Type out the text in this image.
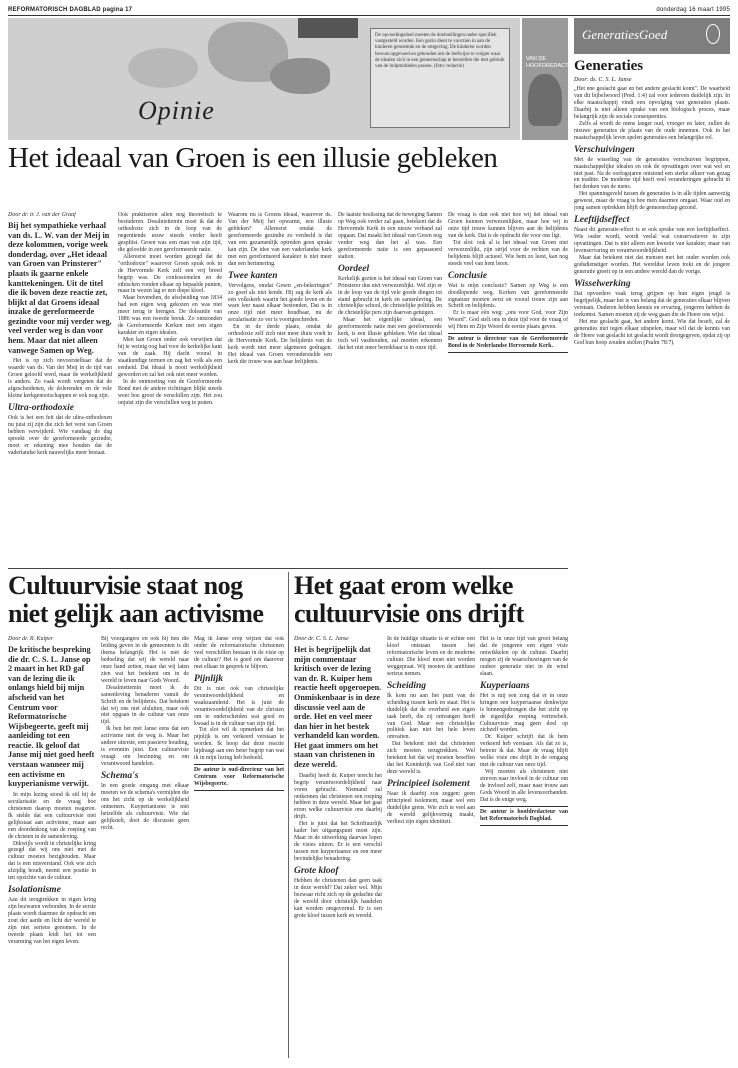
REFORMATORISCH DAGBLAD pagina 17	donderdag 16 maart 1995
Opinie
De opvoedingsdoel moeten de doelstellingen nader specifiek vastgesteld worden. Een gezin dient te voorzien in aan de kinderen genoemde en de omgeving. De kinderen worden bewust opgevoed en gehouden om de leefwijze te volgen waar de idealen zich in een gemeenschap te herstellen die met gebruik van de hulpmiddelen passen. (foto: redactie)
VAN DE HOOFDREDACTIE
Het ideaal van Groen is een illusie gebleken
Door dr. ir. J. van der Graaf

Bij het sympathieke verhaal van ds. L. W. van der Meij in deze kolommen, vorige week donderdag, over „Het ideaal van Groen van Prinsterer" plaats ik gaarne enkele kanttekeningen. Uit de titel die ik boven deze reactie zet, blijkt al dat Groens ideaal inzake de gereformeerde gezindte voor mij verder weg, veel verder weg is dan voor hem. Maar dat niet alleen vanwege Samen op Weg.

Het is op zich onvoorstelbaar dat de waarde van ds. Van der Meij in de tijd van Groen geloofd werd, maar de werkelijkheid is anders. Zo vaak wordt vergeten dat de afgescheidenen, de dolerenden en de vele kleine kerkgenootschappen er ook nog zijn.

Ultra-orthodoxie

Ook is het een feit dat de ultra-orthodoxen nu juist zij zijn die zich het verst van Groen hebben verwijderd. Wie vandaag de dag spreekt over de gereformeerde gezindte, moet er rekening mee houden dat de vaderlandse kerk nauwelijks meer bestaat.

Ook praktiseren allen nog theoretisch te bestuderen. Desalniettemin moet ik dat de orthodoxie zich in de loop van de negentiende eeuw steeds verder heeft gesplitst. Groen was een man van zijn tijd, die geloofde in een gereformeerde natie.

Allereerst moet worden gezegd dat de "orthodoxie" waarover Groen sprak ook in de Hervormde Kerk zelf een vrij breed begrip was. De confessionelen en de ethischen vonden elkaar op bepaalde punten, maar in wezen lag er een diepe kloof.

Maar bovendien, de afscheiding van 1834 had een eigen weg gekozen en was niet meer terug te brengen. De doleantie van 1886 was een tweede breuk. Zo ontstonden de Gereformeerde Kerken met een eigen karakter en eigen idealen.

Men kan Groen onder ook verwijten dat hij te weinig oog had voor de kerkelijke kant van de zaak. Hij dacht vooral in staatkundige termen en zag het volk als een eenheid. Dat ideaal is nooit werkelijkheid geworden en zal het ook niet meer worden.

In de ontmoeting van de Gereformeerde Bond met de andere richtingen blijkt steeds weer hoe groot de verschillen zijn. Het zou onjuist zijn die verschillen weg te praten.

Waarom nu is Groens ideaal, waarover ds. Van der Meij het opwarmt, een illusie gebleken? Allereerst omdat de gereformeerde gezindte zo verdeeld is dat van een gezamenlijk optreden geen sprake kan zijn. De idee van een vaderlandse kerk met een gereformeerd karakter is niet meer dan een herinnering.

Twee kanten

Vervolgens, omdat Groen „en-bekeringen" zo goed als niet kende. Hij zag de kerk als een volkskerk waarin het goede leven en de ware leer naast elkaar bestonden. Dat is in onze tijd niet meer houdbaar, nu de secularisatie zo ver is voortgeschreden.

En in de derde plaats, omdat de orthodoxie zelf zich niet meer thuis voelt in de Hervormde Kerk. De belijdenis van de kerk wordt niet meer algemeen gedragen. Het ideaal van Groen veronderstelde een kerk die trouw was aan haar belijdenis.

De laatste beslissing dat de beweging Samen op Weg ook verder zal gaan, betekent dat de Hervormde Kerk in een nieuw verband zal opgaan. Dat maakt het ideaal van Groen nog verder weg dan het al was. Een gereformeerde natie is een gepasseerd station.

Oordeel

Kerkelijk gezien is het ideaal van Groen van Prinsterer dus niet verwezenlijkt. Wel zijn er in de loop van de tijd vele goede dingen tot stand gebracht in kerk en samenleving. De christelijke school, de christelijke politiek en de christelijke pers zijn daarvan getuigen.

Maar het eigenlijke ideaal, een gereformeerde natie met een gereformeerde kerk, is een illusie gebleken. Wie dat ideaal toch wil vasthouden, zal moeten erkennen dat het niet meer bereikbaar is in onze tijd.

De vraag is dan ook niet hoe wij het ideaal van Groen kunnen verwezenlijken, maar hoe wij in onze tijd trouw kunnen blijven aan de belijdenis van de kerk. Dat is de opdracht die voor ons ligt.

Tot slot: ook al is het ideaal van Groen niet verwezenlijkt, zijn strijd voor de rechten van de belijdenis blijft actueel. Wie hem zo leest, kan nog steeds veel van hem leren.

Conclusie

Wat is mijn conclusie? Samen op Weg is een doodlopende weg. Kerken van gereformeerde signatuur moeten eerst en vooral trouw zijn aan Schrift en belijdenis.

Er is maar één weg: „ons voor God, voor Zijn Woord". God stelt ons in deze tijd voor de vraag of wij Hem en Zijn Woord de eerste plaats geven.

De auteur is directeur van de Gereformeerde Bond in de Nederlandse Hervormde Kerk.
Cultuurvisie staat nog niet gelijk aan activisme
Door dr. R. Kuiper

De kritische bespreking die dr. C. S. L. Janse op 2 maart in het RD gaf van de lezing die ik onlangs hield bij mijn afscheid van het Centrum voor Reformatorische Wijsbegeerte, geeft mij aanleiding tot een reactie. Ik geloof dat Janse mij niet goed heeft verstaan wanneer mij een activisme en kuyperianisme verwijt.

In mijn lezing stond ik stil bij de secularisatie en de vraag hoe christenen daarop moeten reageren. Ik stelde dat een cultuurvisie niet gelijkstaat aan activisme, maar aan een doordenking van de roeping van de christen in de samenleving.

Dikwijls wordt in christelijke kring gezegd dat wij ons niet met de cultuur moeten bezighouden. Maar dat is een misverstand. Ook wie zich afzijdig houdt, neemt een positie in ten opzichte van de cultuur.

Isolationisme

Aan dit terugtrekken in eigen kring zijn bezwaren verbonden. In de eerste plaats wordt daarmee de opdracht om zout der aarde en licht der wereld te zijn niet serieus genomen. In de tweede plaats leidt het tot een verarming van het eigen leven.

Bij voorgangers en ook bij hen die leiding geven in de gemeenten is dit thema belangrijk. Het is niet de bedoeling dat wij de wereld naar onze hand zetten, maar dat wij laten zien wat het betekent om in de wereld te leven naar Gods Woord.

Desalniettemin moet ik de samenleving benaderen vanuit de Schrift en de belijdenis. Dat betekent dat wij ons niet afsluiten, maar ook niet opgaan in de cultuur van onze tijd.

Ik ben het met Janse eens dat een activisme niet de weg is. Maar het andere uiterste, een passieve houding, is evenmin juist. Een cultuurvisie vraagt om bezinning en om verantwoord handelen.

Schema's

In een goede omgang met elkaar moeten we de schema's vermijden die ons het zicht op de werkelijkheid ontnemen. Kuyperianisme is niet hetzelfde als cultuurvisie. Wie dat gelijkstelt, doet de discussie geen recht.

Mag ik Janse erop wijzen dat ook onder de reformatorische christenen veel verschillen bestaan in de visie op de cultuur? Het is goed om daarover met elkaar in gesprek te blijven.

Pijnlijk

Dit is niet ook van christelijke verantwoordelijkheid en waakzaamheid. Het is juist de verantwoordelijkheid van de christen om te onderscheiden wat goed en kwaad is in de cultuur van zijn tijd.

Tot slot wil ik opmerken dat het pijnlijk is om verkeerd verstaan te worden. Ik hoop dat deze reactie bijdraagt aan een beter begrip van wat ik in mijn lezing heb bedoeld.

De auteur is oud-directeur van het Centrum voor Reformatorische Wijsbegeerte.
Het gaat erom welke cultuurvisie ons drijft
Door dr. C. S. L. Janse

Het is begrijpelijk dat mijn commentaar kritisch over de lezing van dr. R. Kuiper hem reactie heeft opgeroepen. Onmiskenbaar is in deze discussie veel aan de orde. Het en veel meer dan hier in het bestek verhandeld kan worden. Het gaat immers om het staan van christenen in deze wereld.

Daarbij heeft dr. Kuiper terecht het begrip verantwoordelijkheid naar voren gebracht. Niemand zal ontkennen dat christenen een roeping hebben in deze wereld. Maar het gaat erom welke cultuurvisie ons daarbij drijft.

Het is juist dat het Schriftuurlijk kader het uitgangspunt moet zijn. Maar in de uitwerking daarvan lopen de visies uiteen. Er is een verschil tussen een kuyperiaanse en een meer bevindelijke benadering.

Grote kloof

Hebben de christenen dan geen taak in deze wereld? Dat zeker wel. Mijn bezwaar richt zich op de gedachte dat de wereld door christelijk handelen kan worden omgevormd. Er is een grote kloof tussen kerk en wereld.

In de huidige situatie is er echter een kloof ontstaan tussen het reformatorische leven en de moderne cultuur. Die kloof moet niet worden weggepraat. Wij moeten de antithese serieus nemen.

Scheiding

Ik kom nu aan het punt van de scheiding tussen kerk en staat. Het is duidelijk dat de overheid een eigen taak heeft, die zij ontvangen heeft van God. Maar een christelijke politiek kan niet het hele leven omvatten.

Dat betekent niet dat christenen zich moeten terugtrekken. Wel betekent het dat wij moeten beseffen dat het Koninkrijk van God niet van deze wereld is.

Principieel isolement

Naar ik daarbij zou zeggen: geen principieel isolement, maar wel een duidelijke grens. Wie zich te veel aan de wereld gelijkvormig maakt, verliest zijn eigen identiteit.

Het is in onze tijd van groot belang dat de jongeren een eigen visie ontwikkelen op de cultuur. Daarbij mogen zij de waarschuwingen van de oudere generatie niet in de wind slaan.

Kuyperiaans

Het is mij een zorg dat er in onze kringen een kuyperiaanse denkwijze is binnengedrongen die het zicht op de eigenlijke roeping vertroebelt. Cultuurvisie mag geen doel op zichzelf worden.

Dr. Kuiper schrijft dat ik hem verkeerd heb verstaan. Als dat zo is, betreur ik dat. Maar de vraag blijft welke visie ons drijft in de omgang met de cultuur van onze tijd.

Wij moeten als christenen niet streven naar invloed in de cultuur om de invloed zelf, maar naar trouw aan Gods Woord in alle levensverbanden. Dat is de enige weg.

De auteur is hoofdredacteur van het Reformatorisch Dagblad.
GeneratiesGoed
Generaties
Door: ds. C. S. L. Janse

„Het ene geslacht gaat en het andere geslacht komt". De waarheid van dit bijbelwoord (Pred. 1:4) zal voor iedereen duidelijk zijn. In elke maatschappij vindt een opvolging van generaties plaats. Daarbij is niet alleen sprake van een biologisch proces, maar belangrijk zijn de sociale consequenties.

Zelfs al wordt de mens langer oud, vroeger en later, zullen de nieuwe generaties de plaats van de oude innemen. Ook in het maatschappelijk leven spelen generaties een belangrijke rol.

Verschuivingen

Met de wisseling van de generaties verschuiven begrippen, maatschappelijke idealen en ook de opvattingen over wat wel en niet past. Na de oorlogsjaren ontstond een sterke afkeer van gezag en traditie. De moderne tijd heeft veel veranderingen gebracht in het denken van de mens.

Het spanningsveld tussen de generaties is in alle tijden aanwezig geweest, maar de vraag is hoe men daarmee omgaat. Waar oud en jong samen optrekken blijft de gemeenschap gezond.

Leeftijdseffect

Naast dit generatie-effect is er ook sprake van een leeftijdseffect. Wie ouder wordt, wordt veelal wat conservatiever in zijn opvattingen. Dat is niet alleen een kwestie van karakter, maar van levenservaring en verantwoordelijkheid.

Maar dat betekent niet dat mensen met het ouder worden ook godsdienstiger worden. Het wereldse leven trekt en de jongere generatie groeit op in een andere wereld dan de vorige.

Wisselwerking

Dat opvoeders vaak terug grijpen op hun eigen jeugd is begrijpelijk, maar het is van belang dat de generaties elkaar blijven verstaan. Ouderen hebben kennis en ervaring, jongeren hebben de toekomst. Samen moeten zij de weg gaan die de Heere ons wijst.

Het ene geslacht gaat, het andere komt. Wie dat beseft, zal de generaties niet tegen elkaar uitspelen, maar wil dat de kennis van de Heere van geslacht tot geslacht wordt doorgegeven, opdat zij op God hun hoop zouden stellen (Psalm 78:7).
